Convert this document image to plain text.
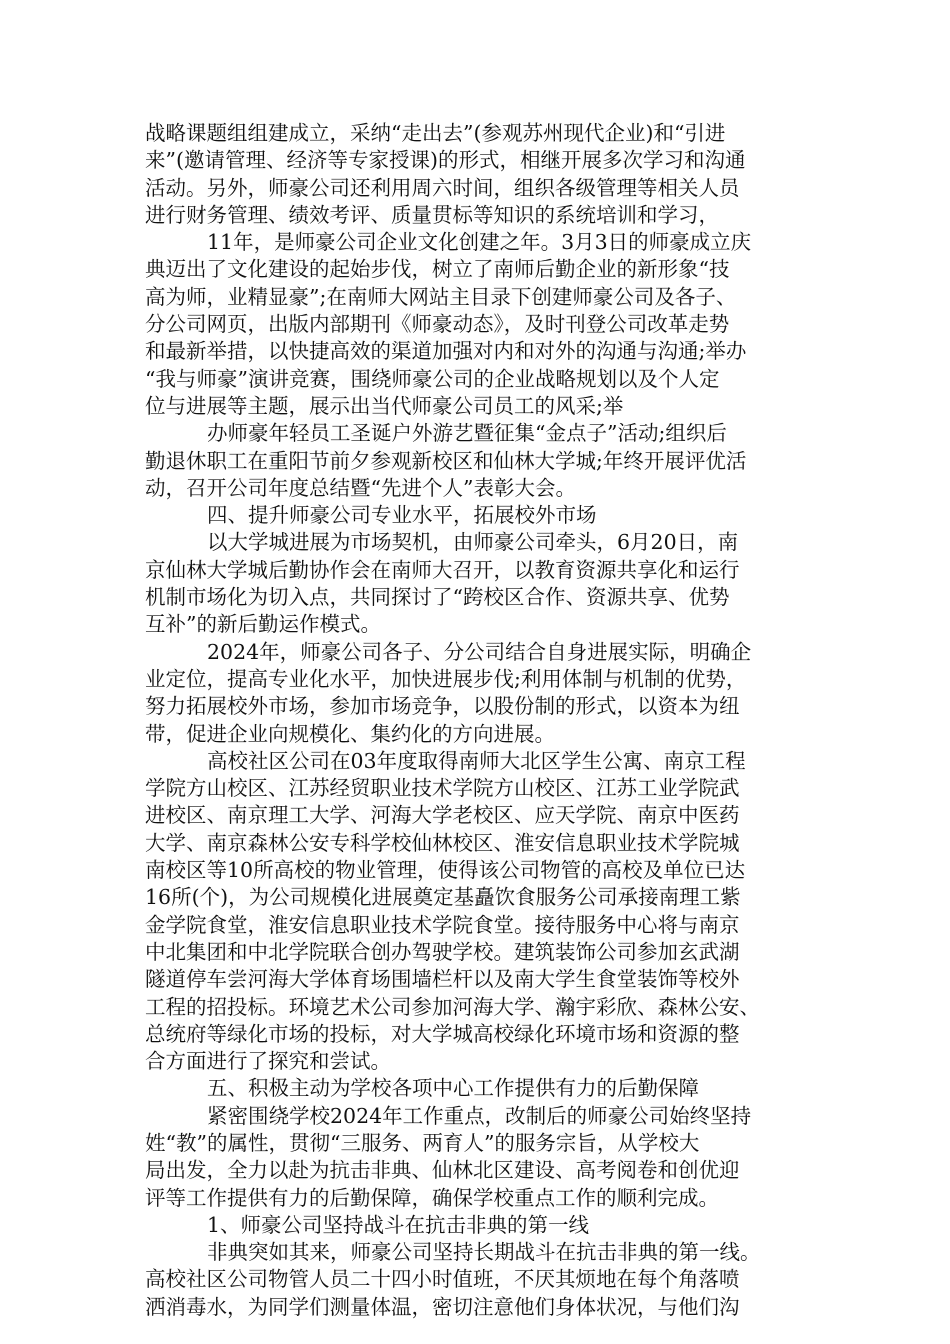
战略课题组组建成立，采纳“走出去”(参观苏州现代企业)和“引进
来”(邀请管理、经济等专家授课)的形式，相继开展多次学习和沟通
活动。另外，师豪公司还利用周六时间，组织各级管理等相关人员
进行财务管理、绩效考评、质量贯标等知识的系统培训和学习，
11年，是师豪公司企业文化创建之年。3月3日的师豪成立庆
典迈出了文化建设的起始步伐，树立了南师后勤企业的新形象“技
高为师，业精显豪”;在南师大网站主目录下创建师豪公司及各子、
分公司网页，出版内部期刊《师豪动态》，及时刊登公司改革走势
和最新举措，以快捷高效的渠道加强对内和对外的沟通与沟通;举办
“我与师豪”演讲竞赛，围绕师豪公司的企业战略规划以及个人定
位与进展等主题，展示出当代师豪公司员工的风采;举
办师豪年轻员工圣诞户外游艺暨征集“金点子”活动;组织后
勤退休职工在重阳节前夕参观新校区和仙林大学城;年终开展评优活
动，召开公司年度总结暨“先进个人”表彰大会。
四、提升师豪公司专业水平，拓展校外市场
以大学城进展为市场契机，由师豪公司牵头，6月20日，南
京仙林大学城后勤协作会在南师大召开，以教育资源共享化和运行
机制市场化为切入点，共同探讨了“跨校区合作、资源共享、优势
互补”的新后勤运作模式。
2024年，师豪公司各子、分公司结合自身进展实际，明确企
业定位，提高专业化水平，加快进展步伐;利用体制与机制的优势，
努力拓展校外市场，参加市场竞争，以股份制的形式，以资本为纽
带，促进企业向规模化、集约化的方向进展。
高校社区公司在03年度取得南师大北区学生公寓、南京工程
学院方山校区、江苏经贸职业技术学院方山校区、江苏工业学院武
进校区、南京理工大学、河海大学老校区、应天学院、南京中医药
大学、南京森林公安专科学校仙林校区、淮安信息职业技术学院城
南校区等10所高校的物业管理，使得该公司物管的高校及单位已达
16所(个)，为公司规模化进展奠定基矗饮食服务公司承接南理工紫
金学院食堂，淮安信息职业技术学院食堂。接待服务中心将与南京
中北集团和中北学院联合创办驾驶学校。建筑装饰公司参加玄武湖
隧道停车尝河海大学体育场围墙栏杆以及南大学生食堂装饰等校外
工程的招投标。环境艺术公司参加河海大学、瀚宇彩欣、森林公安、
总统府等绿化市场的投标，对大学城高校绿化环境市场和资源的整
合方面进行了探究和尝试。
五、积极主动为学校各项中心工作提供有力的后勤保障
紧密围绕学校2024年工作重点，改制后的师豪公司始终坚持
姓“教”的属性，贯彻“三服务、两育人”的服务宗旨，从学校大
局出发，全力以赴为抗击非典、仙林北区建设、高考阅卷和创优迎
评等工作提供有力的后勤保障，确保学校重点工作的顺利完成。
1、师豪公司坚持战斗在抗击非典的第一线
非典突如其来，师豪公司坚持长期战斗在抗击非典的第一线。
高校社区公司物管人员二十四小时值班，不厌其烦地在每个角落喷
洒消毒水，为同学们测量体温，密切注意他们身体状况，与他们沟
